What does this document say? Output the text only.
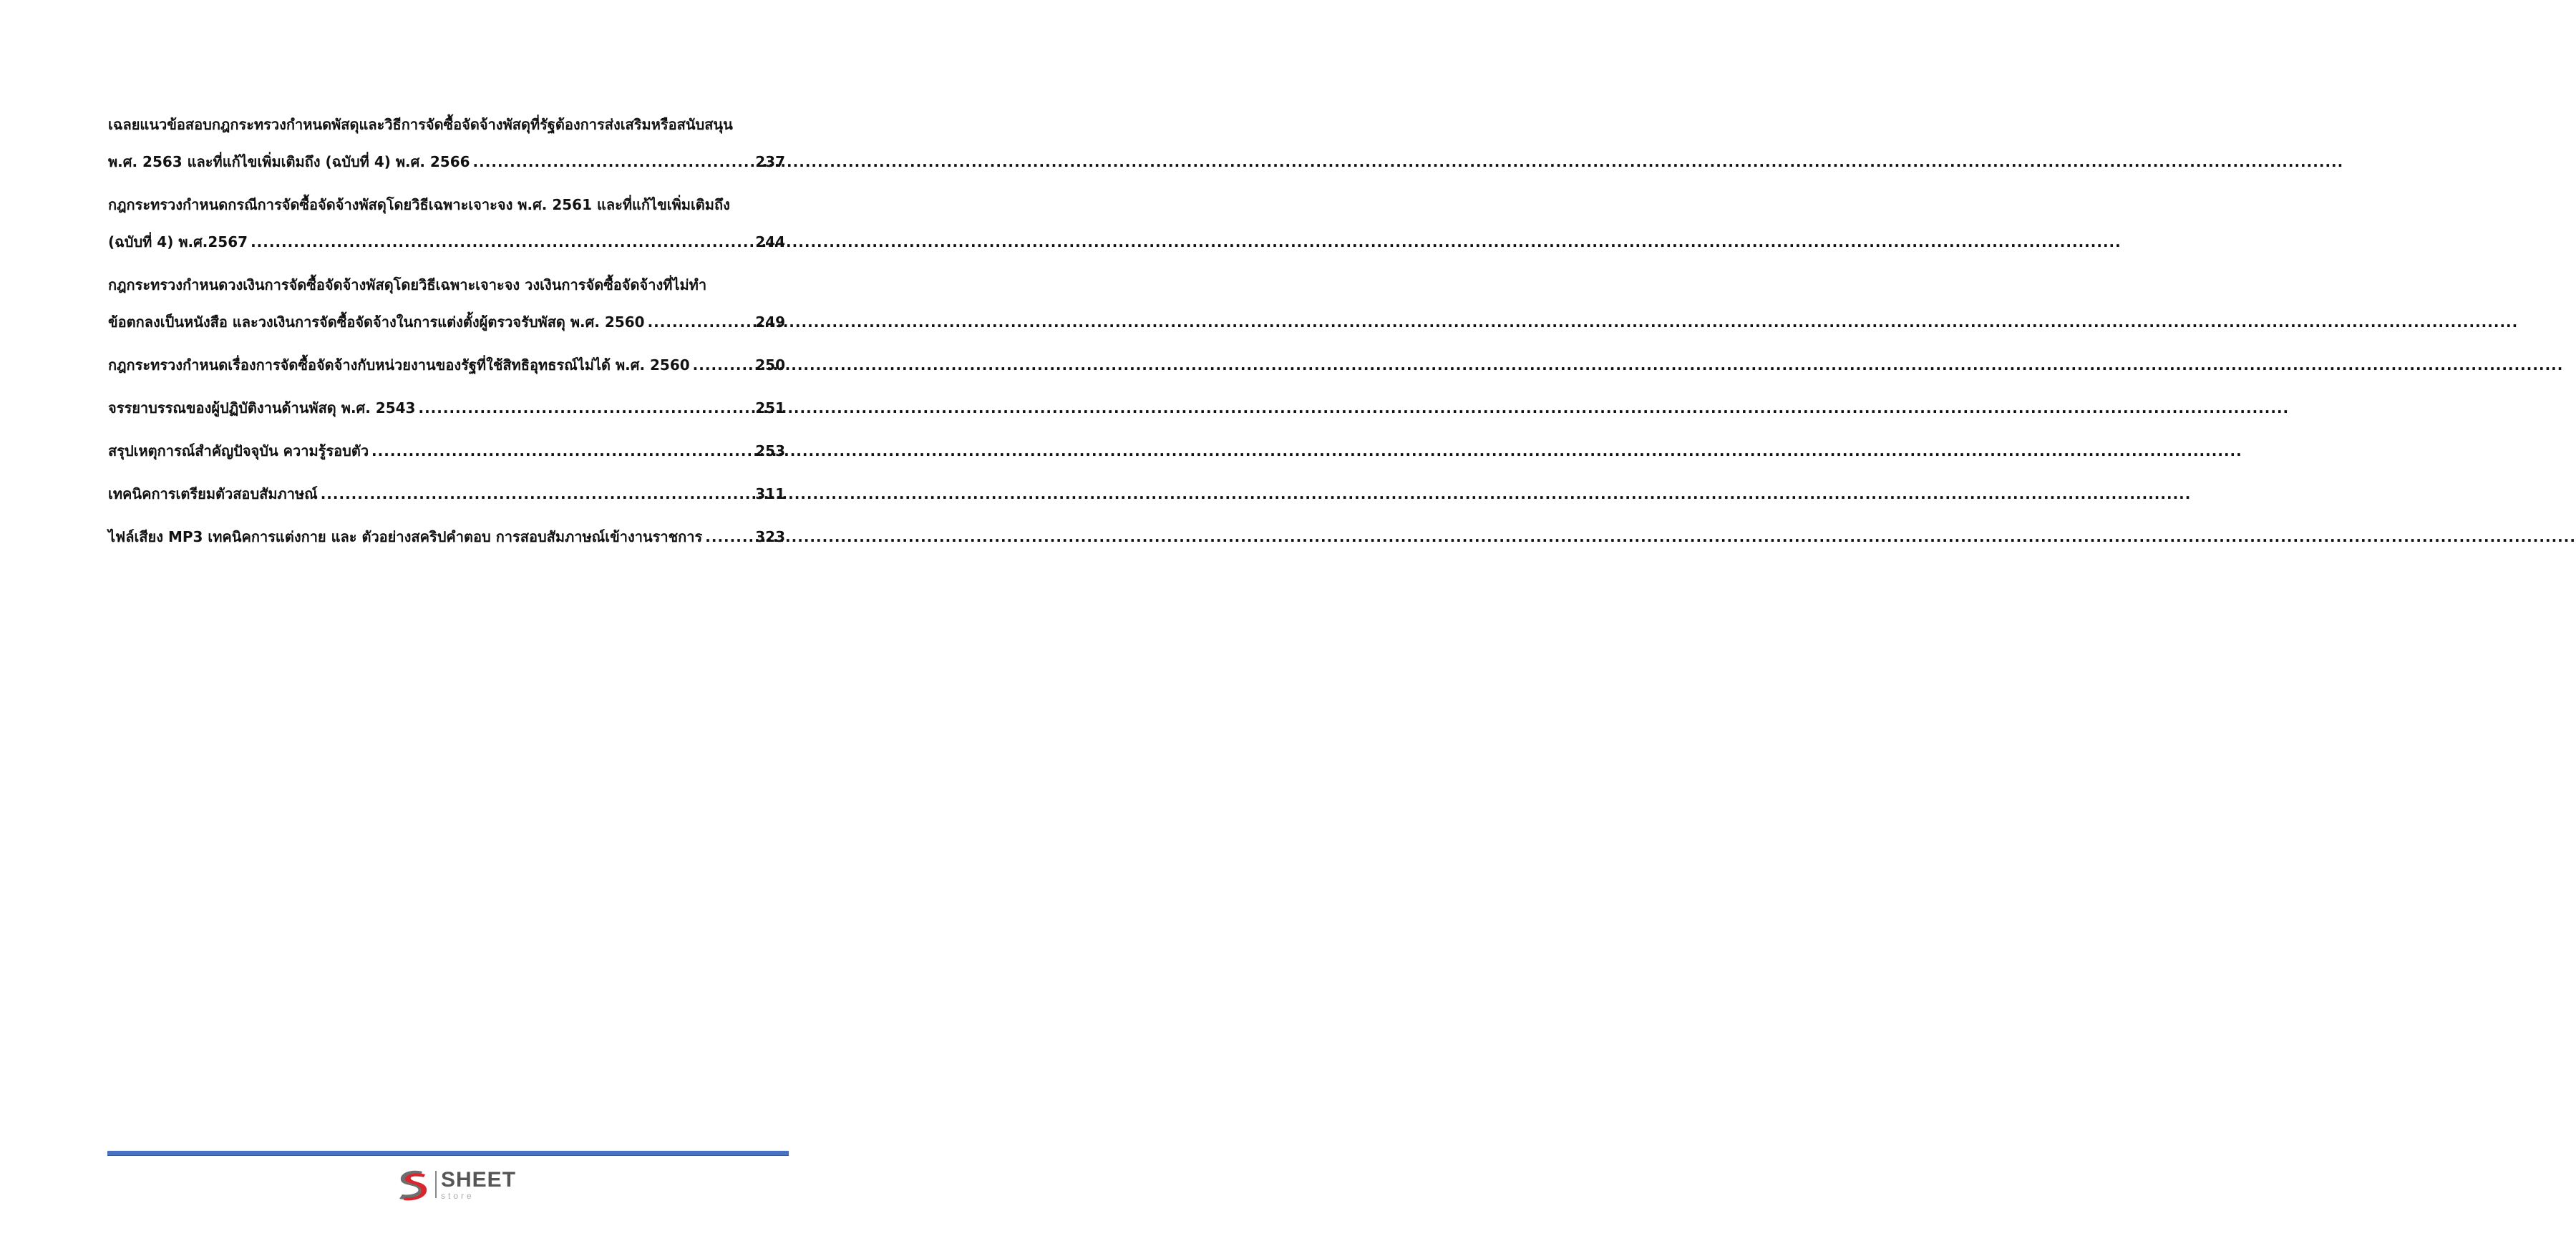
เฉลยแนวข้อสอบกฎกระทรวงกำหนดพัสดุและวิธีการจัดซื้อจัดจ้างพัสดุที่รัฐต้องการส่งเสริมหรือสนับสนุน
พ.ศ. 2563 และที่แก้ไขเพิ่มเติมถึง (ฉบับที่ 4) พ.ศ. 2566 .....	237
กฎกระทรวงกำหนดกรณีการจัดซื้อจัดจ้างพัสดุโดยวิธีเฉพาะเจาะจง พ.ศ. 2561 และที่แก้ไขเพิ่มเติมถึง
(ฉบับที่ 4) พ.ศ.2567 .....	244
กฎกระทรวงกำหนดวงเงินการจัดซื้อจัดจ้างพัสดุโดยวิธีเฉพาะเจาะจง วงเงินการจัดซื้อจัดจ้างที่ไม่ทำ
ข้อตกลงเป็นหนังสือ และวงเงินการจัดซื้อจัดจ้างในการแต่งตั้งผู้ตรวจรับพัสดุ พ.ศ. 2560 .....	249
กฎกระทรวงกำหนดเรื่องการจัดซื้อจัดจ้างกับหน่วยงานของรัฐที่ใช้สิทธิอุทธรณ์ไม่ได้ พ.ศ. 2560 .....	250
จรรยาบรรณของผู้ปฏิบัติงานด้านพัสดุ พ.ศ. 2543 .....	251
สรุปเหตุการณ์สำคัญปัจจุบัน ความรู้รอบตัว .....	253
เทคนิคการเตรียมตัวสอบสัมภาษณ์ .....	311
ไฟล์เสียง MP3 เทคนิคการแต่งกาย และ ตัวอย่างสคริปคำตอบ การสอบสัมภาษณ์เข้างานราชการ .....	323
SHEET
store
